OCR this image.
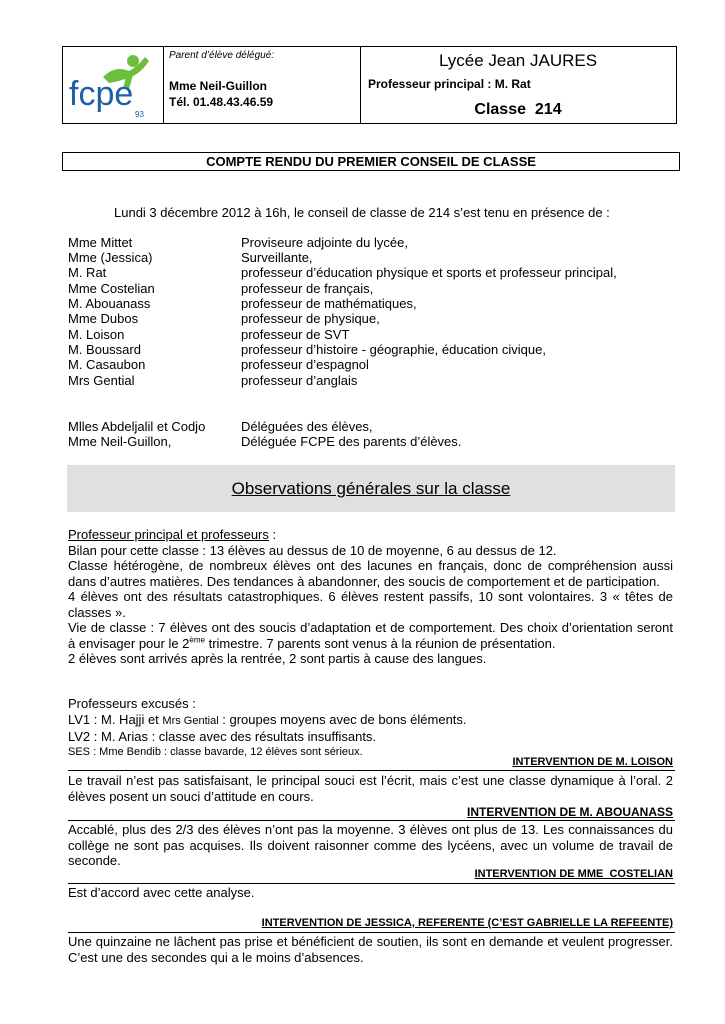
fcpe
93
Parent d’élève délégué:
Mme Neil-Guillon
Tél. 01.48.43.46.59
Lycée Jean JAURES
Professeur principal : M. Rat
Classe  214
COMPTE RENDU DU PREMIER CONSEIL DE CLASSE
Lundi 3 décembre 2012 à 16h, le conseil de classe de 214 s’est tenu en présence de :
Mme Mittet	Proviseure adjointe du lycée,
Mme (Jessica)	Surveillante,
M. Rat	professeur d’éducation physique et sports et professeur principal,
Mme Costelian	professeur de français,
M. Abouanass	professeur de mathématiques,
Mme Dubos	professeur de physique,
M. Loison	professeur de SVT
M. Boussard	professeur d’histoire - géographie, éducation civique,
M. Casaubon	professeur d’espagnol
Mrs Gential	professeur d’anglais
Mlles Abdeljalil et Codjo	Déléguées des élèves,
Mme Neil-Guillon,	Déléguée FCPE des parents d’élèves.
Observations générales sur la classe
Professeur principal et professeurs :
Bilan pour cette classe : 13 élèves au dessus de 10 de moyenne, 6 au dessus de 12.
Classe hétérogène, de nombreux élèves ont des lacunes en français, donc de compréhension aussi dans d’autres matières. Des tendances à abandonner, des soucis de comportement et de participation.
4 élèves ont des résultats catastrophiques. 6 élèves restent passifs, 10 sont volontaires. 3 « têtes de classes ».
Vie de classe : 7 élèves ont des soucis d’adaptation et de comportement. Des choix d’orientation seront à envisager pour le 2ème trimestre. 7 parents sont venus à la réunion de présentation.
2 élèves sont arrivés après la rentrée, 2 sont partis à cause des langues.
Professeurs excusés :
LV1 : M. Hajji et Mrs Gential : groupes moyens avec de bons éléments.
LV2 : M. Arias : classe avec des résultats insuffisants.
SES : Mme Bendib : classe bavarde, 12 élèves sont sérieux.
INTERVENTION DE M. LOISON
Le travail n’est pas satisfaisant, le principal souci est l’écrit, mais c’est une classe dynamique à l’oral. 2 élèves posent un souci d’attitude en cours.
INTERVENTION DE M. ABOUANASS
Accablé, plus des 2/3 des élèves n’ont pas la moyenne. 3 élèves ont plus de 13. Les connaissances du collège ne sont pas acquises. Ils doivent raisonner comme des lycéens, avec un volume de travail de seconde.
INTERVENTION DE MME  COSTELIAN
Est d’accord avec cette analyse.
INTERVENTION DE JESSICA, REFERENTE (C’EST GABRIELLE LA REFEENTE)
Une quinzaine ne lâchent pas prise et bénéficient de soutien, ils sont en demande et veulent progresser. C’est une des secondes qui a le moins d’absences.
